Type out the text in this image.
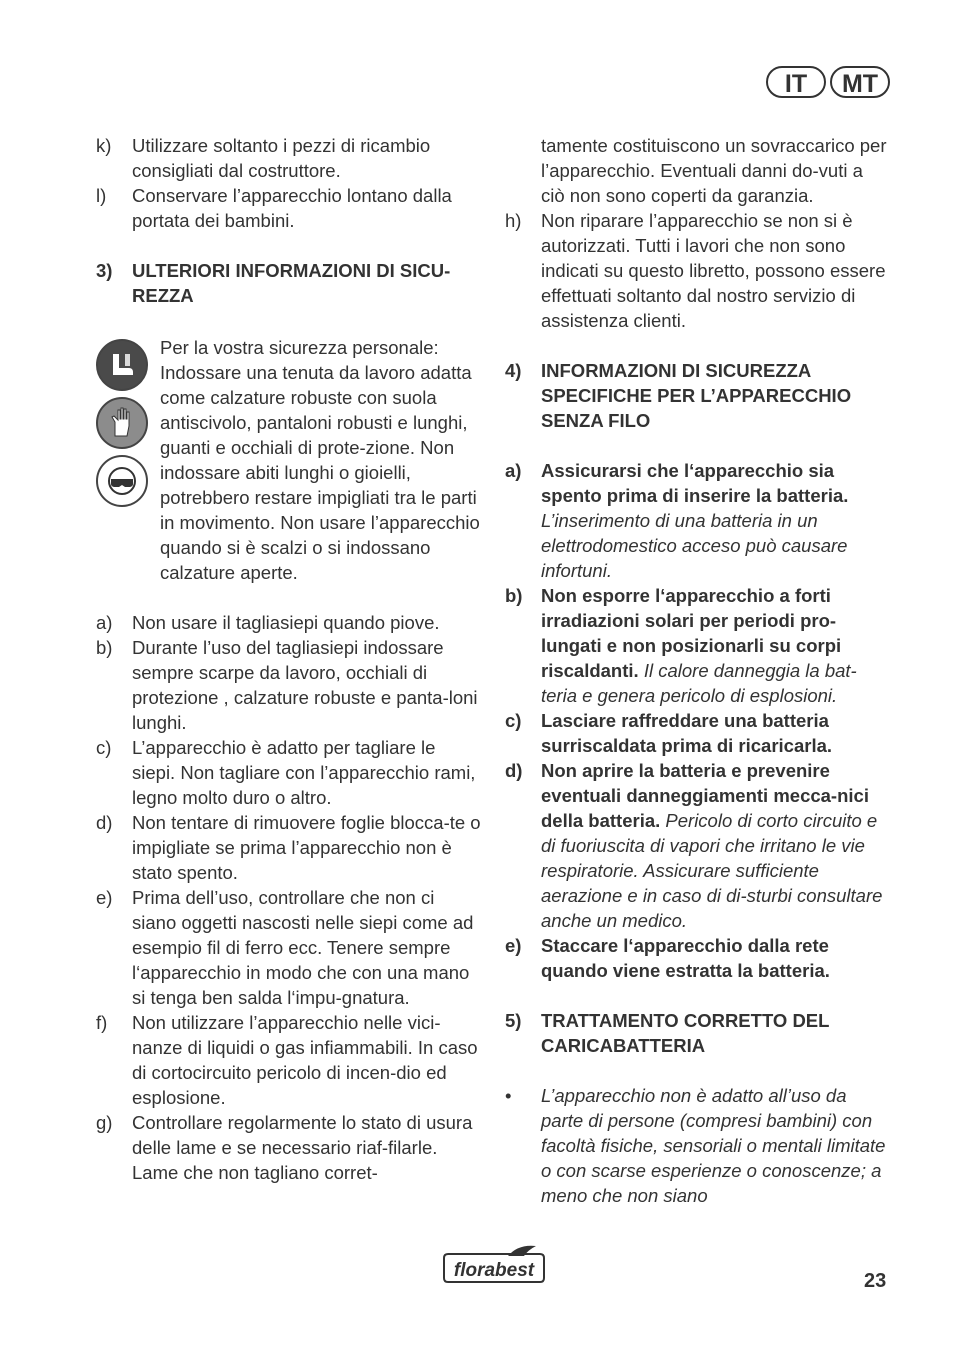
IT	MT
k)	Utilizzare soltanto i pezzi di ricambio consigliati dal costruttore.
l)	Conservare l’apparecchio lontano dalla portata dei bambini.
3)	ULTERIORI INFORMAZIONI DI SICU-REZZA
Per la vostra sicurezza personale: Indossare una tenuta da lavoro adatta come calzature robuste con suola antiscivolo, pantaloni robusti e lunghi, guanti e occhiali di prote-zione. Non indossare abiti lunghi o gioielli, potrebbero restare impigliati tra le parti in movimento. Non usare l’apparecchio quando si è scalzi o si indossano calzature aperte.
a)	Non usare il tagliasiepi quando piove.
b)	Durante l’uso del tagliasiepi indossare sempre scarpe da lavoro, occhiali di protezione , calzature robuste e panta-loni lunghi.
c)	L’apparecchio è adatto per tagliare le siepi. Non tagliare con l’apparecchio rami, legno molto duro o altro.
d)	Non tentare di rimuovere foglie blocca-te o impigliate se prima l’apparecchio non è stato spento.
e)	Prima dell’uso, controllare che non ci siano oggetti nascosti nelle siepi come ad esempio fil di ferro ecc. Tenere sempre l‘apparecchio in modo che con una mano si tenga ben salda l‘impu-gnatura.
f)	Non utilizzare l’apparecchio nelle vici-nanze di liquidi o gas infiammabili. In caso di cortocircuito pericolo di incen-dio ed esplosione.
g)	Controllare regolarmente lo stato di usura delle lame e se necessario riaf-filarle. Lame che non tagliano corret-
tamente costituiscono un sovraccarico per l’apparecchio. Eventuali danni do-vuti a ciò non sono coperti da garanzia.
h)	Non riparare l’apparecchio se non si è autorizzati. Tutti i lavori che non sono indicati su questo libretto, possono essere effettuati soltanto dal nostro servizio di assistenza clienti.
4)	INFORMAZIONI DI SICUREZZA SPECIFICHE PER L’APPARECCHIO SENZA FILO
a)	Assicurarsi che l‘apparecchio sia spento prima di inserire la batteria. L’inserimento di una batteria in un elettrodomestico acceso può causare infortuni.
b)	Non esporre l‘apparecchio a forti irradiazioni solari per periodi pro-lungati e non posizionarli su corpi riscaldanti. Il calore danneggia la bat-teria e genera pericolo di esplosioni.
c)	Lasciare raffreddare una batteria surriscaldata prima di ricaricarla.
d)	Non aprire la batteria e prevenire eventuali danneggiamenti mecca-nici della batteria. Pericolo di corto circuito e di fuoriuscita di vapori che irritano le vie respiratorie. Assicurare sufficiente aerazione e in caso di di-sturbi consultare anche un medico.
e)	Staccare l‘apparecchio dalla rete quando viene estratta la batteria.
5)	TRATTAMENTO CORRETTO DEL CARICABATTERIA
•	L’apparecchio non è adatto all’uso da parte di persone (compresi bambini) con facoltà fisiche, sensoriali o mentali limitate o con scarse esperienze o conoscenze; a meno che non siano
florabest	23
